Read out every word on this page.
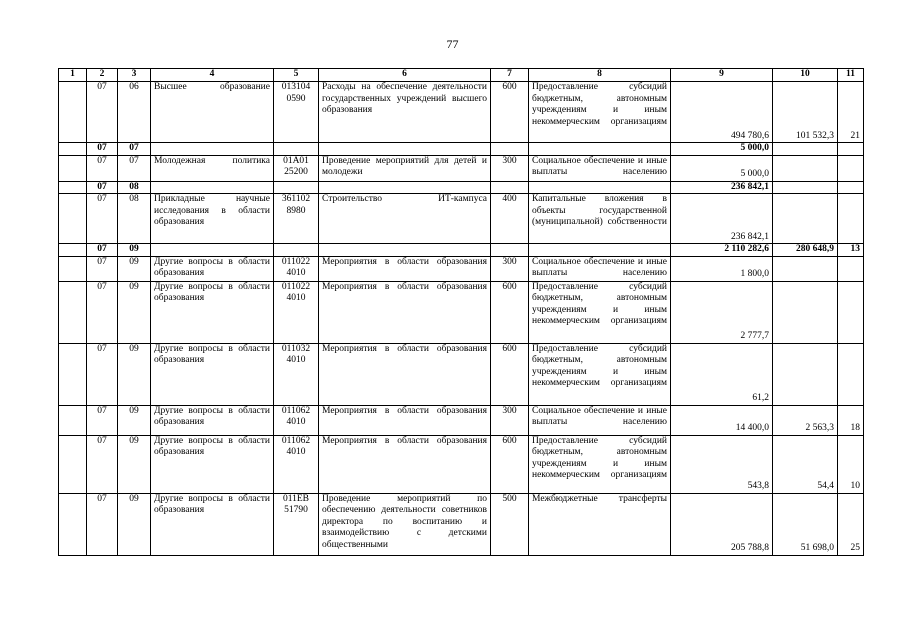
77
1	2	3	4	5	6	7	8	9	10	11
	07	06	Высшее образование	013104 0590	Расходы на обеспечение деятельности государственных учреждений высшего образования	600	Предоставление субсидий бюджетным, автономным учреждениям и иным некоммерческим организациям	494 780,6	101 532,3	21
	07	07						5 000,0		
	07	07	Молодежная политика	01А01 25200	Проведение мероприятий для детей и молодежи	300	Социальное обеспечение и иные выплаты населению	5 000,0		
	07	08						236 842,1		
	07	08	Прикладные научные исследования в области образования	361102 8980	Строительство ИТ-кампуса	400	Капитальные вложения в объекты государственной (муниципальной) собственности	236 842,1		
	07	09						2 110 282,6	280 648,9	13
	07	09	Другие вопросы в области образования	011022 4010	Мероприятия в области образования	300	Социальное обеспечение и иные выплаты населению	1 800,0		
	07	09	Другие вопросы в области образования	011022 4010	Мероприятия в области образования	600	Предоставление субсидий бюджетным, автономным учреждениям и иным некоммерческим организациям	2 777,7		
	07	09	Другие вопросы в области образования	011032 4010	Мероприятия в области образования	600	Предоставление субсидий бюджетным, автономным учреждениям и иным некоммерческим организациям	61,2		
	07	09	Другие вопросы в области образования	011062 4010	Мероприятия в области образования	300	Социальное обеспечение и иные выплаты населению	14 400,0	2 563,3	18
	07	09	Другие вопросы в области образования	011062 4010	Мероприятия в области образования	600	Предоставление субсидий бюджетным, автономным учреждениям и иным некоммерческим организациям	543,8	54,4	10
	07	09	Другие вопросы в области образования	011ЕВ 51790	Проведение мероприятий по обеспечению деятельности советников директора по воспитанию и взаимодействию с детскими общественными	500	Межбюджетные трансферты	205 788,8	51 698,0	25
